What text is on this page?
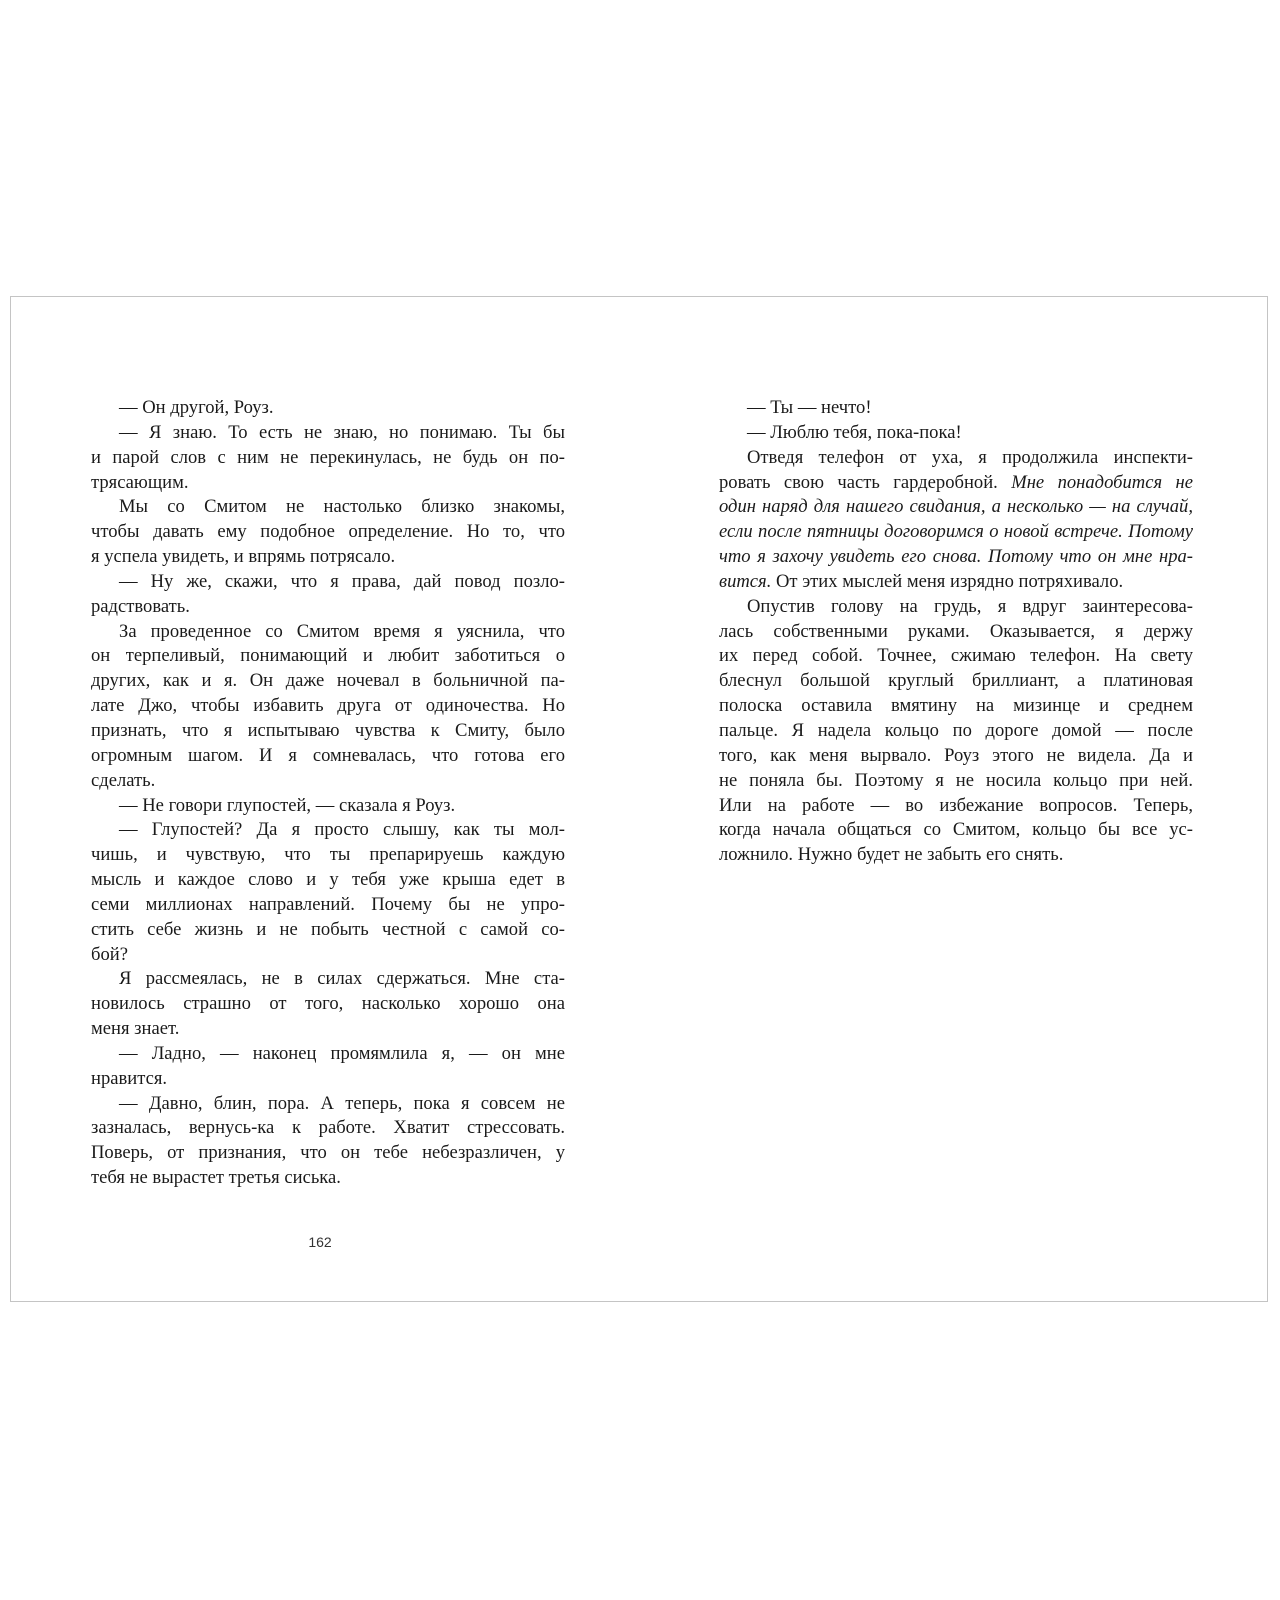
— Он другой, Роуз.
— Я знаю. То есть не знаю, но понимаю. Ты бы
и парой слов с ним не перекинулась, не будь он по-
трясающим.
Мы со Смитом не настолько близко знакомы,
чтобы давать ему подобное определение. Но то, что
я успела увидеть, и впрямь потрясало.
— Ну же, скажи, что я права, дай повод позло-
радствовать.
За проведенное со Смитом время я уяснила, что
он терпеливый, понимающий и любит заботиться о
других, как и я. Он даже ночевал в больничной па-
лате Джо, чтобы избавить друга от одиночества. Но
признать, что я испытываю чувства к Смиту, было
огромным шагом. И я сомневалась, что готова его
сделать.
— Не говори глупостей, — сказала я Роуз.
— Глупостей? Да я просто слышу, как ты мол-
чишь, и чувствую, что ты препарируешь каждую
мысль и каждое слово и у тебя уже крыша едет в
семи миллионах направлений. Почему бы не упро-
стить себе жизнь и не побыть честной с самой со-
бой?
Я рассмеялась, не в силах сдержаться. Мне ста-
новилось страшно от того, насколько хорошо она
меня знает.
— Ладно, — наконец промямлила я, — он мне
нравится.
— Давно, блин, пора. А теперь, пока я совсем не
зазналась, вернусь-ка к работе. Хватит стрессовать.
Поверь, от признания, что он тебе небезразличен, у
тебя не вырастет третья сиська.
— Ты — нечто!
— Люблю тебя, пока-пока!
Отведя телефон от уха, я продолжила инспекти-
ровать свою часть гардеробной. Мне понадобится не
один наряд для нашего свидания, а несколько — на случай,
если после пятницы договоримся о новой встрече. Потому
что я захочу увидеть его снова. Потому что он мне нра-
вится. От этих мыслей меня изрядно потряхивало.
Опустив голову на грудь, я вдруг заинтересова-
лась собственными руками. Оказывается, я держу
их перед собой. Точнее, сжимаю телефон. На свету
блеснул большой круглый бриллиант, а платиновая
полоска оставила вмятину на мизинце и среднем
пальце. Я надела кольцо по дороге домой — после
того, как меня вырвало. Роуз этого не видела. Да и
не поняла бы. Поэтому я не носила кольцо при ней.
Или на работе — во избежание вопросов. Теперь,
когда начала общаться со Смитом, кольцо бы все ус-
ложнило. Нужно будет не забыть его снять.
162
